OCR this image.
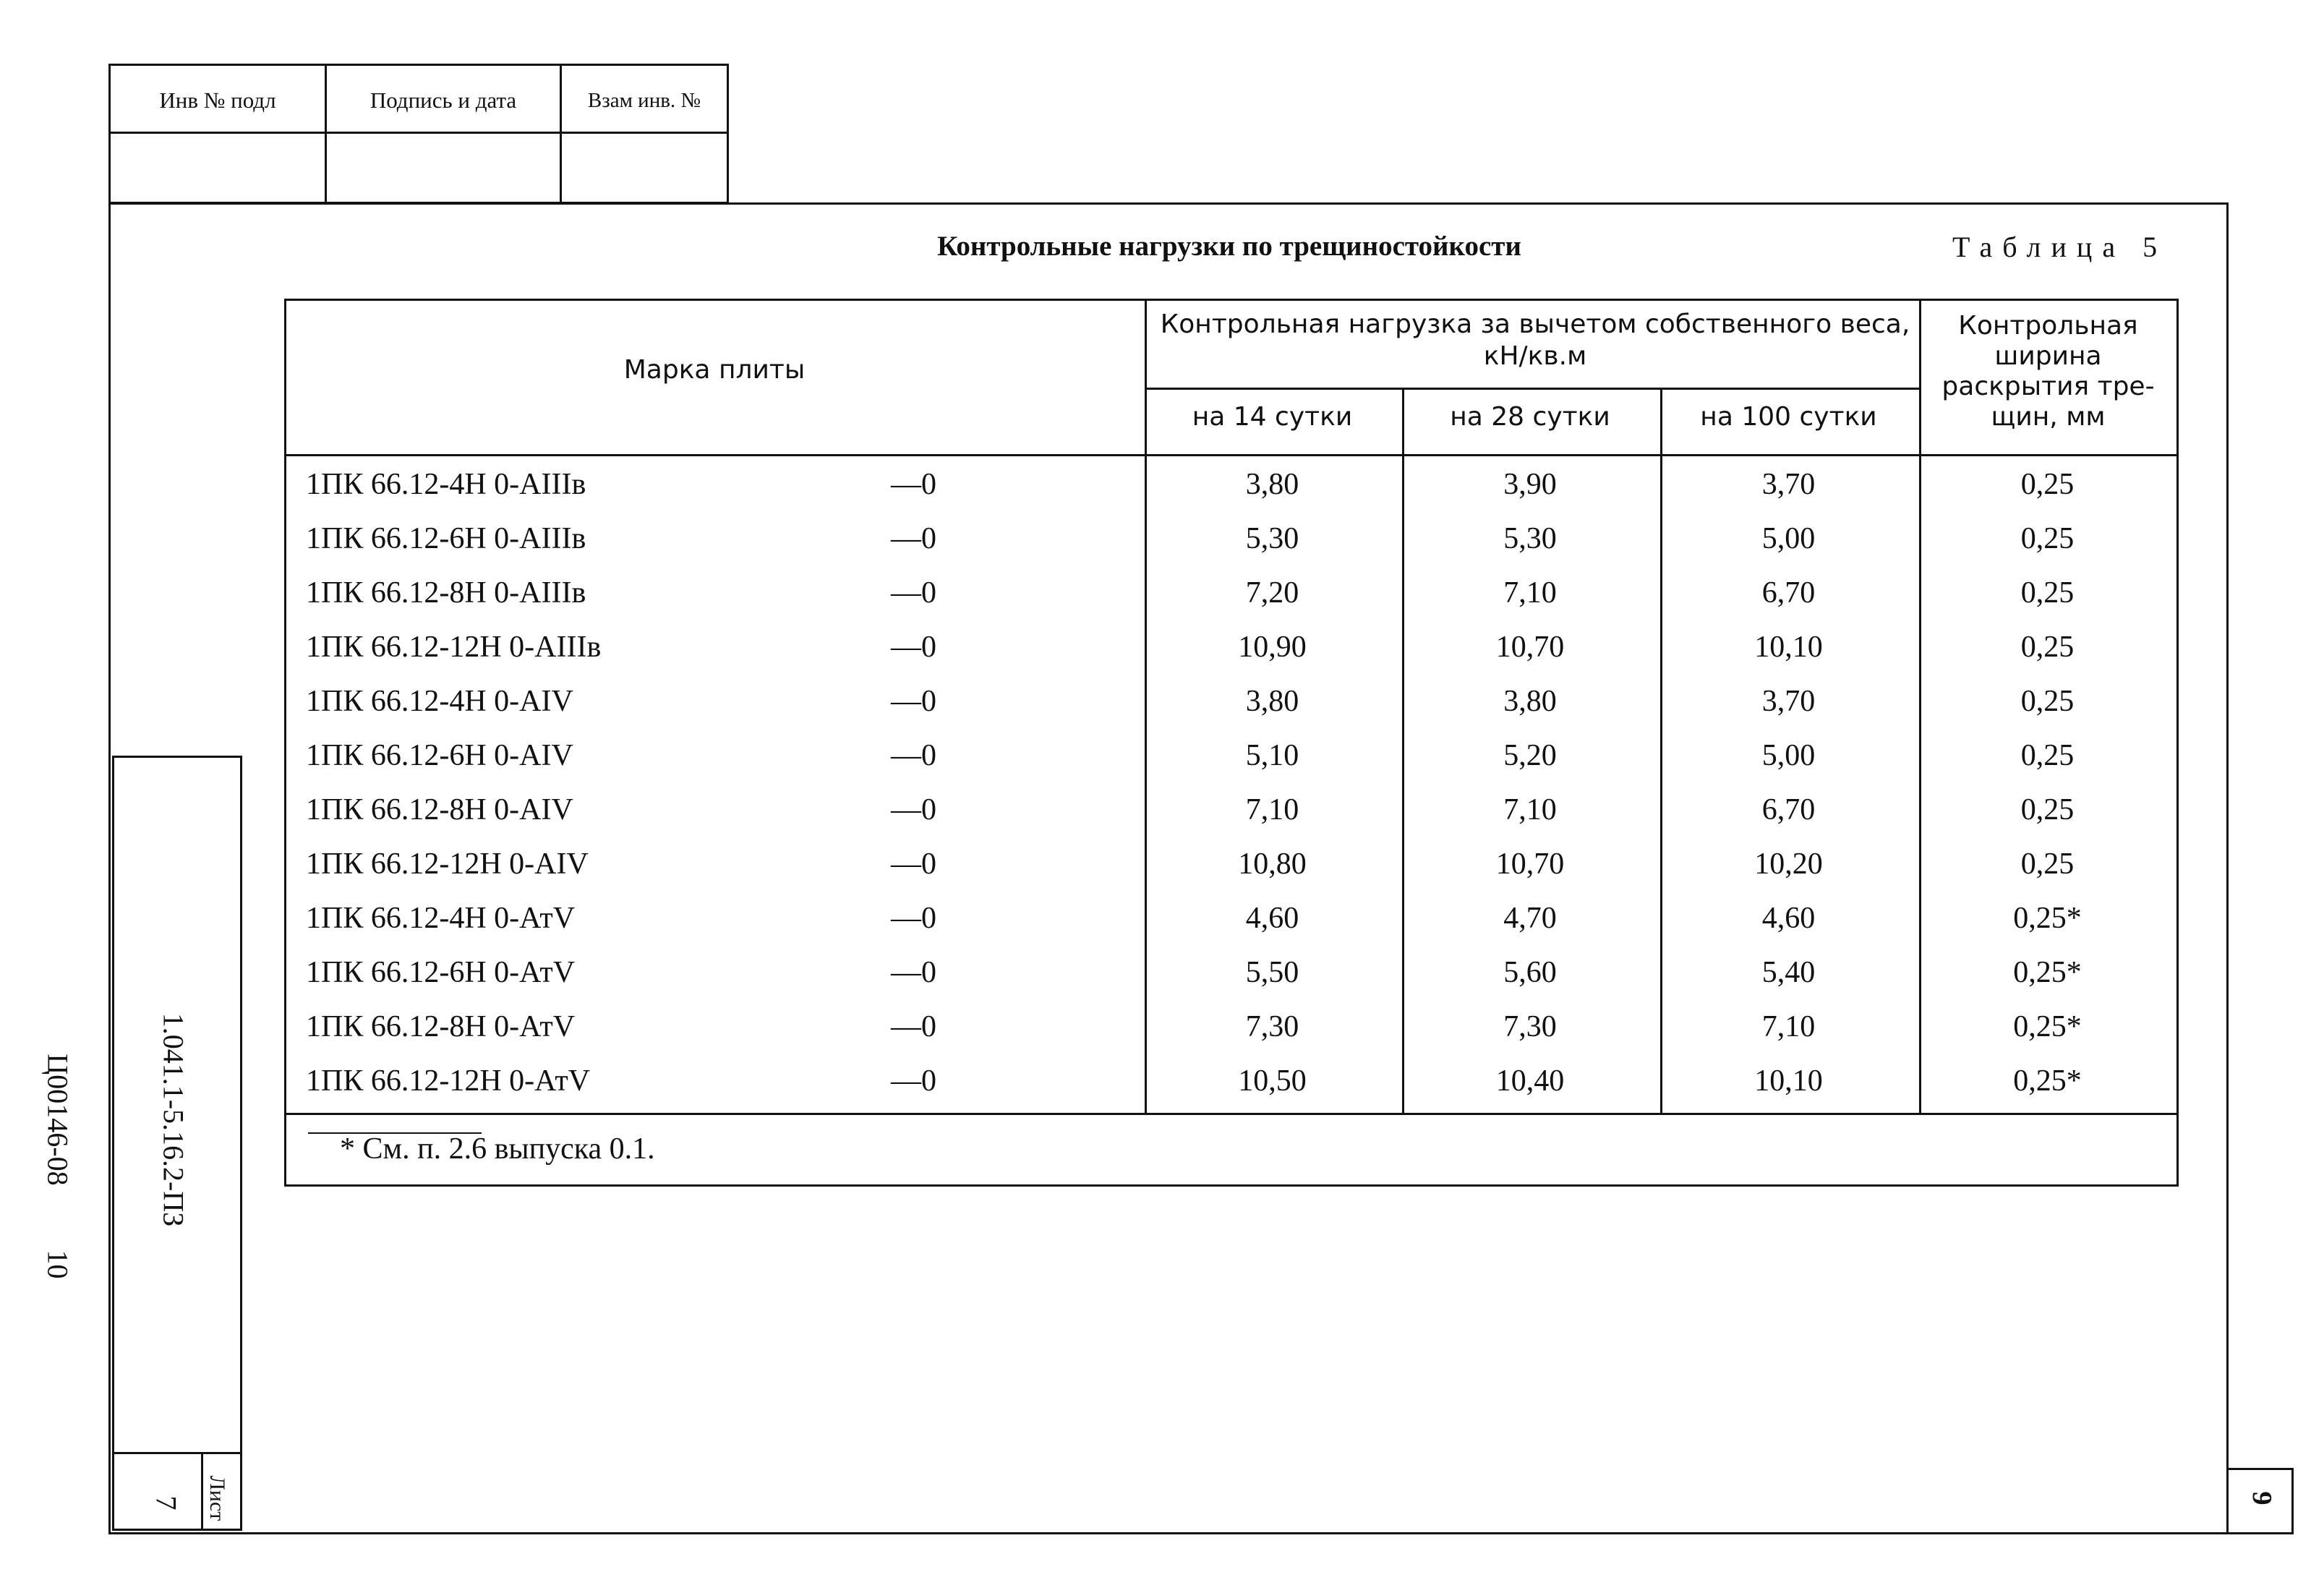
Инв № подл	Подпись и дата	Взам инв. №
Контрольные нагрузки по трещиностойкости	Таблица 5
Марка плиты
Контрольная нагрузка за вычетом собственного веса, кН/кв.м
на 14 сутки	на 28 сутки	на 100 сутки
Контрольная ширина раскрытия тре-щин, мм
1ПК 66.12-4Н 0-АIIIв	—0	3,80	3,90	3,70	0,25
1ПК 66.12-6Н 0-АIIIв	—0	5,30	5,30	5,00	0,25
1ПК 66.12-8Н 0-АIIIв	—0	7,20	7,10	6,70	0,25
1ПК 66.12-12Н 0-АIIIв	—0	10,90	10,70	10,10	0,25
1ПК 66.12-4Н 0-АIV	—0	3,80	3,80	3,70	0,25
1ПК 66.12-6Н 0-АIV	—0	5,10	5,20	5,00	0,25
1ПК 66.12-8Н 0-АIV	—0	7,10	7,10	6,70	0,25
1ПК 66.12-12Н 0-АIV	—0	10,80	10,70	10,20	0,25
1ПК 66.12-4Н 0-АтV	—0	4,60	4,70	4,60	0,25*
1ПК 66.12-6Н 0-АтV	—0	5,50	5,60	5,40	0,25*
1ПК 66.12-8Н 0-АтV	—0	7,30	7,30	7,10	0,25*
1ПК 66.12-12Н 0-АтV	—0	10,50	10,40	10,10	0,25*
* См. п. 2.6 выпуска 0.1.
1.041.1-5.16.2-ПЗ
Лист
7
Ц00146-08
10
9
